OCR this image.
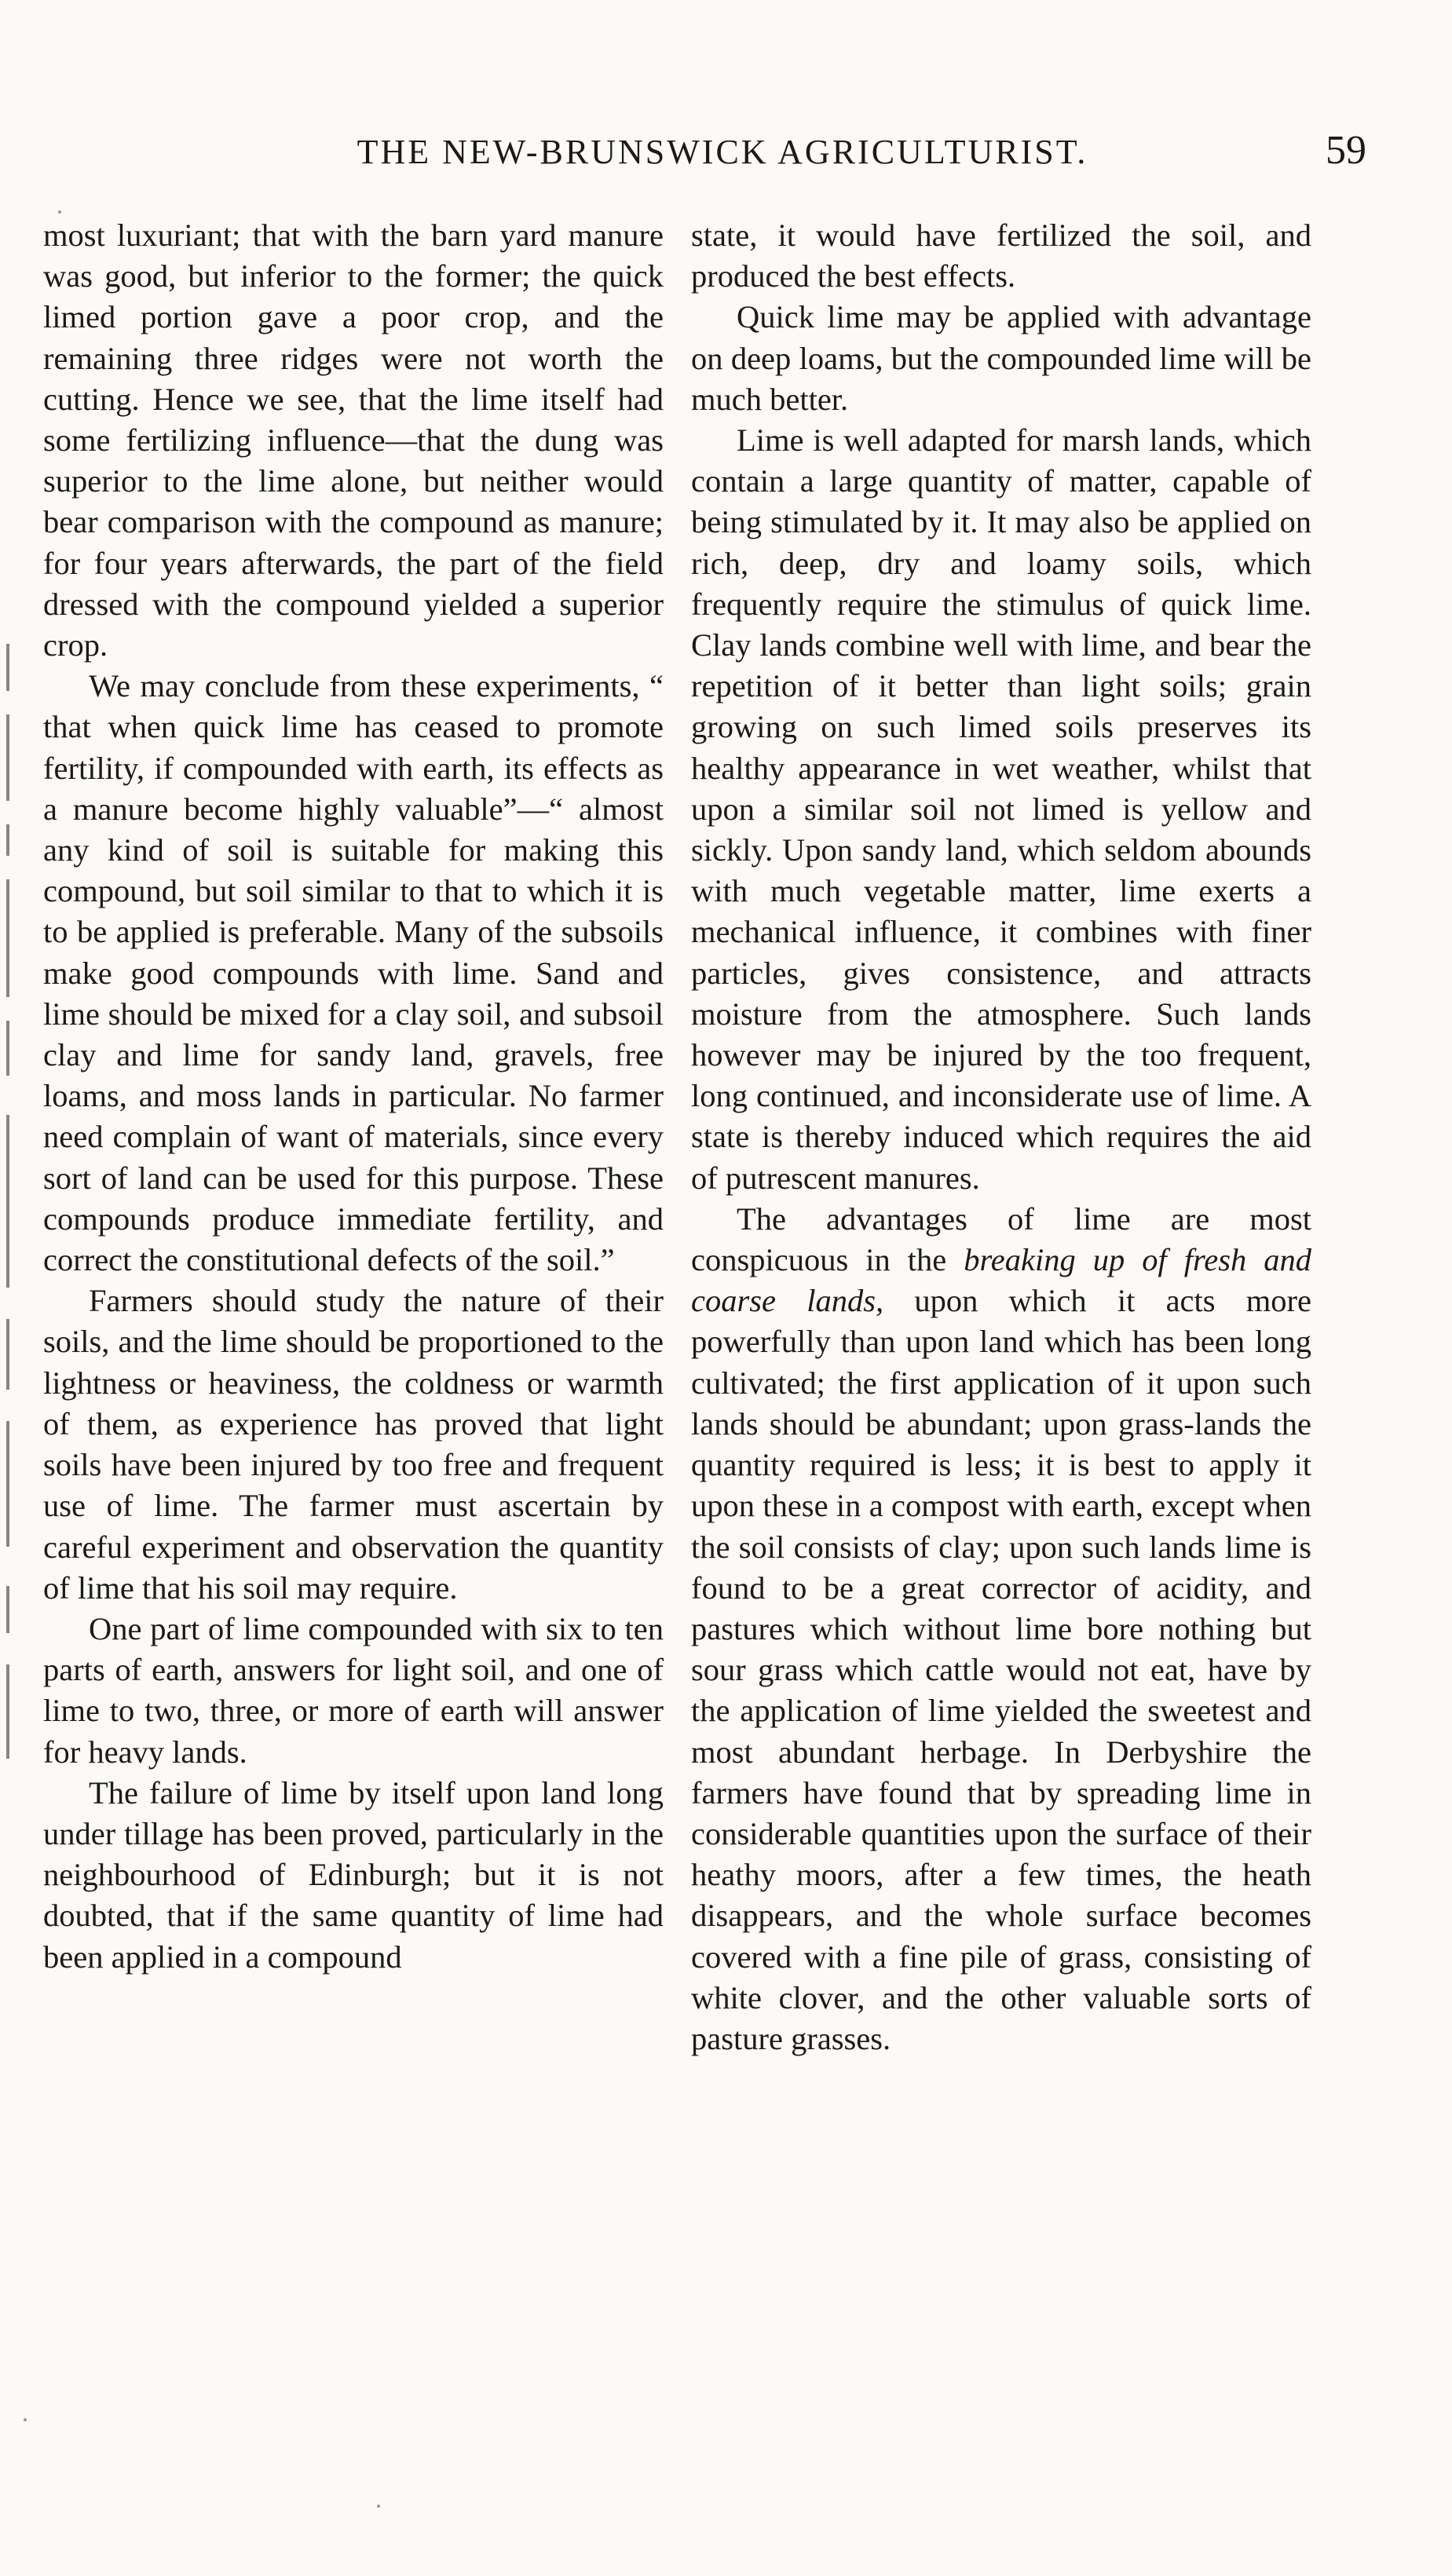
THE NEW-BRUNSWICK AGRICULTURIST.	59

most luxuriant; that with the barn yard manure was good, but inferior to the former; the quick limed portion gave a poor crop, and the remaining three ridges were not worth the cutting. Hence we see, that the lime itself had some fertilizing influence—that the dung was superior to the lime alone, but neither would bear comparison with the compound as manure; for four years afterwards, the part of the field dressed with the compound yielded a superior crop.

We may conclude from these experiments, “ that when quick lime has ceased to promote fertility, if compounded with earth, its effects as a manure become highly valuable”—“ almost any kind of soil is suitable for making this compound, but soil similar to that to which it is to be applied is preferable. Many of the subsoils make good compounds with lime. Sand and lime should be mixed for a clay soil, and subsoil clay and lime for sandy land, gravels, free loams, and moss lands in particular. No farmer need complain of want of materials, since every sort of land can be used for this purpose. These compounds produce immediate fertility, and correct the constitutional defects of the soil.”

Farmers should study the nature of their soils, and the lime should be proportioned to the lightness or heaviness, the coldness or warmth of them, as experience has proved that light soils have been injured by too free and frequent use of lime. The farmer must ascertain by careful experiment and observation the quantity of lime that his soil may require.

One part of lime compounded with six to ten parts of earth, answers for light soil, and one of lime to two, three, or more of earth will answer for heavy lands.

The failure of lime by itself upon land long under tillage has been proved, particularly in the neighbourhood of Edinburgh; but it is not doubted, that if the same quantity of lime had been applied in a compound

state, it would have fertilized the soil, and produced the best effects.

Quick lime may be applied with advantage on deep loams, but the compounded lime will be much better.

Lime is well adapted for marsh lands, which contain a large quantity of matter, capable of being stimulated by it. It may also be applied on rich, deep, dry and loamy soils, which frequently require the stimulus of quick lime. Clay lands combine well with lime, and bear the repetition of it better than light soils; grain growing on such limed soils preserves its healthy appearance in wet weather, whilst that upon a similar soil not limed is yellow and sickly. Upon sandy land, which seldom abounds with much vegetable matter, lime exerts a mechanical influence, it combines with finer particles, gives consistence, and attracts moisture from the atmosphere. Such lands however may be injured by the too frequent, long continued, and inconsiderate use of lime. A state is thereby induced which requires the aid of putrescent manures.

The advantages of lime are most conspicuous in the breaking up of fresh and coarse lands, upon which it acts more powerfully than upon land which has been long cultivated; the first application of it upon such lands should be abundant; upon grass-lands the quantity required is less; it is best to apply it upon these in a compost with earth, except when the soil consists of clay; upon such lands lime is found to be a great corrector of acidity, and pastures which without lime bore nothing but sour grass which cattle would not eat, have by the application of lime yielded the sweetest and most abundant herbage. In Derbyshire the farmers have found that by spreading lime in considerable quantities upon the surface of their heathy moors, after a few times, the heath disappears, and the whole surface becomes covered with a fine pile of grass, consisting of white clover, and the other valuable sorts of pasture grasses.
